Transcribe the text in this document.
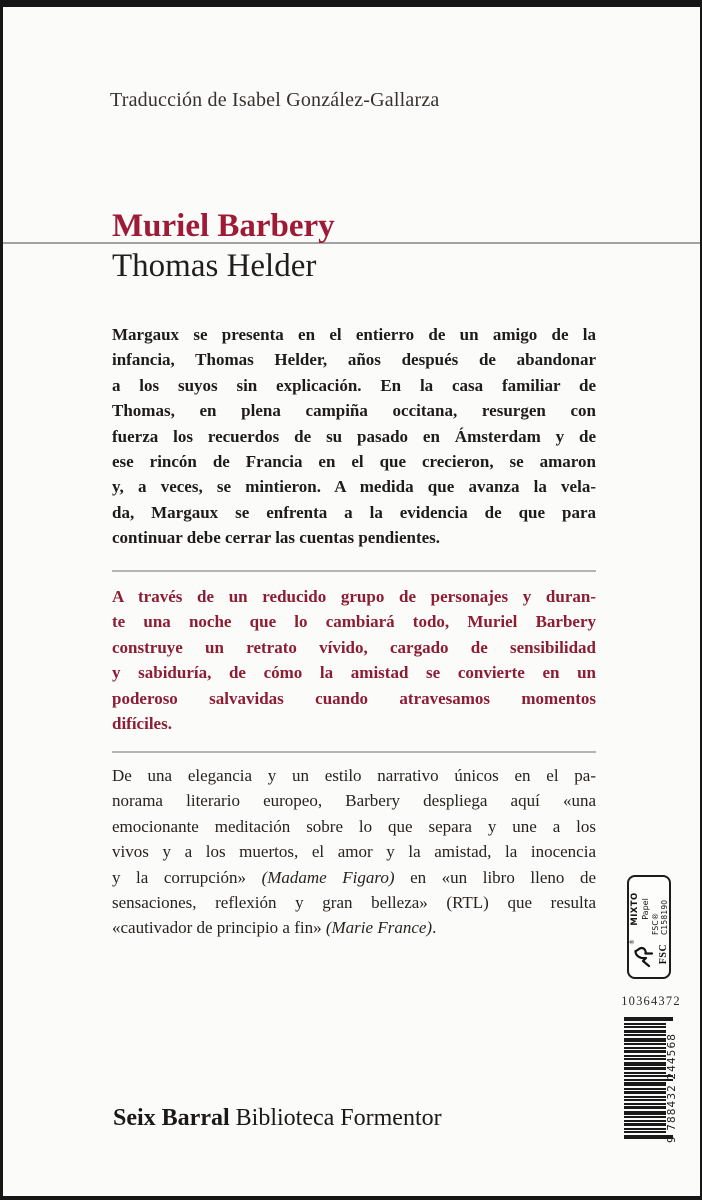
Traducción de Isabel González-Gallarza
Muriel Barbery
Thomas Helder
Margaux se presenta en el entierro de un amigo de la
infancia, Thomas Helder, años después de abandonar
a los suyos sin explicación. En la casa familiar de
Thomas, en plena campiña occitana, resurgen con
fuerza los recuerdos de su pasado en Ámsterdam y de
ese rincón de Francia en el que crecieron, se amaron
y, a veces, se mintieron. A medida que avanza la vela-
da, Margaux se enfrenta a la evidencia de que para
continuar debe cerrar las cuentas pendientes.
A través de un reducido grupo de personajes y duran-
te una noche que lo cambiará todo, Muriel Barbery
construye un retrato vívido, cargado de sensibilidad
y sabiduría, de cómo la amistad se convierte en un
poderoso salvavidas cuando atravesamos momentos
difíciles.
De una elegancia y un estilo narrativo únicos en el pa-
norama literario europeo, Barbery despliega aquí «una
emocionante meditación sobre lo que separa y une a los
vivos y a los muertos, el amor y la amistad, la inocencia
y la corrupción» (Madame Figaro) en «un libro lleno de
sensaciones, reflexión y gran belleza» (RTL) que resulta
«cautivador de principio a fin» (Marie France).
®
FSC
MIXTO Papel
FSC® C158190
10364372
9 788432 244568
Seix Barral Biblioteca Formentor
